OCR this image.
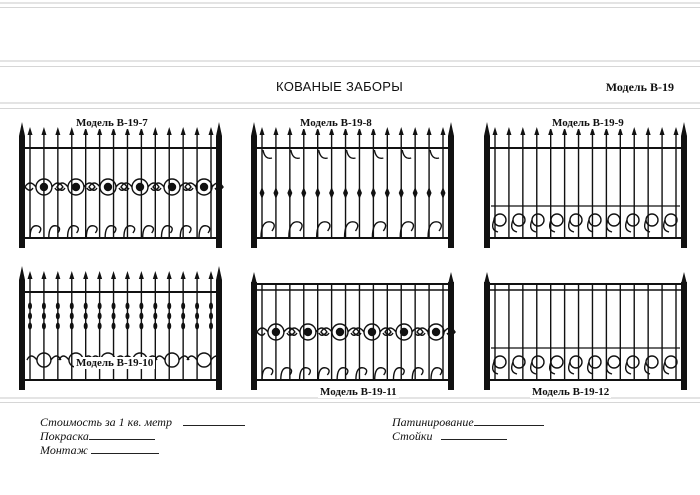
КОВАНЫЕ ЗАБОРЫ	Модель В-19
Модель В-19-7	Модель В-19-8	Модель В-19-9
Модель В-19-10
Модель В-19-11	Модель В-19-12
Стоимость за 1 кв. метр
Покраска
Монтаж
Патинирование
Стойки
